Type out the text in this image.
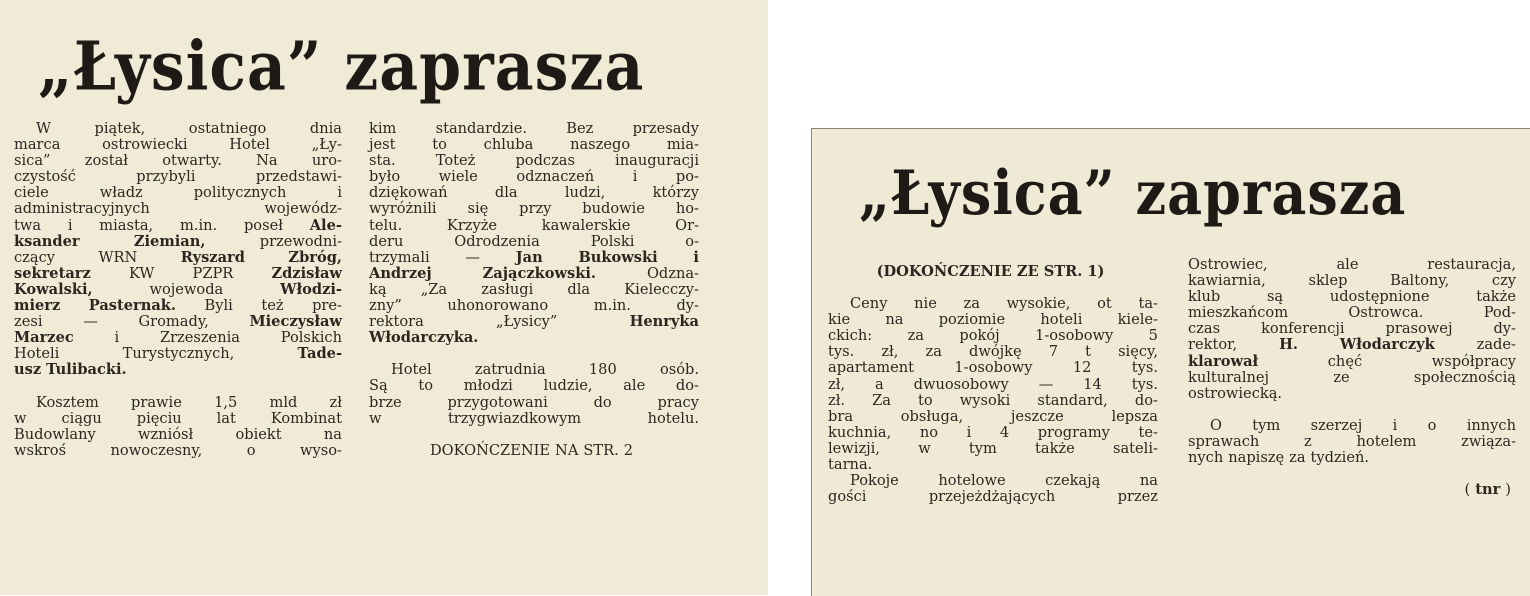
„Łysica” zaprasza
W	piątek,	ostatniego	dnia
marca	ostrowiecki	Hotel	„Ły-
sica” został otwarty. Na uro-
czystość	przybyli	przedstawi-
ciele	władz	politycznych	i
administracyjnych	wojewódz-
twa i miasta, m.in. poseł Ale-
ksander	Ziemian,	przewodni-
czący	WRN	Ryszard	Zbróg,
sekretarz	KW	PZPR	Zdzisław
Kowalski,	wojewoda	Włodzi-
mierz Pasternak. Byli też pre-
zesi	—	Gromady,	Mieczysław
Marzec	i	Zrzeszenia	Polskich
Hoteli	Turystycznych,	Tade-
usz Tulibacki.
Kosztem prawie 1,5 mld zł
w ciągu pięciu lat Kombinat
Budowlany	wzniósł	obiekt	na
wskroś	nowoczesny,	o	wyso-
kim	standardzie.	Bez	przesady
jest	to	chluba	naszego	mia-
sta.	Toteż	podczas	inauguracji
było	wiele	odznaczeń	i	po-
dziękowań	dla	ludzi,	którzy
wyróżnili się przy budowie ho-
telu.	Krzyże	kawalerskie	Or-
deru	Odrodzenia	Polski	o-
trzymali — Jan Bukowski i
Andrzej	Zajączkowski.	Odzna-
ką „Za zasługi dla Kielecczy-
zny”	uhonorowano	m.in.	dy-
rektora	„Łysicy”	Henryka
Włodarczyka.
Hotel	zatrudnia	180	osób.
Są to młodzi ludzie, ale do-
brze	przygotowani	do	pracy
w	trzygwiazdkowym	hotelu.
DOKOŃCZENIE NA STR. 2
„Łysica” zaprasza
(DOKOŃCZENIE ZE STR. 1)
Ceny nie za wysokie, ot ta-
kie na poziomie hoteli kiele-
ckich: za pokój 1-osobowy 5
tys. zł, za dwójkę 7 t sięcy,
apartament	1-osobowy	12	tys.
zł, a dwuosobowy — 14 tys.
zł. Za to wysoki standard, do-
bra	obsługa,	jeszcze	lepsza
kuchnia, no i 4 programy te-
lewizji,	w	tym	także	sateli-
tarna.
Pokoje	hotelowe	czekają	na
gości	przejeżdżających	przez
Ostrowiec,	ale	restauracja,
kawiarnia,	sklep	Baltony,	czy
klub	są	udostępnione	także
mieszkańcom	Ostrowca.	Pod-
czas	konferencji	prasowej	dy-
rektor,	H.	Włodarczyk	zade-
klarował	chęć	współpracy
kulturalnej	ze	społecznością
ostrowiecką.
O tym szerzej i o innych
sprawach	z	hotelem	związa-
nych napiszę za tydzień.
( tnr )
